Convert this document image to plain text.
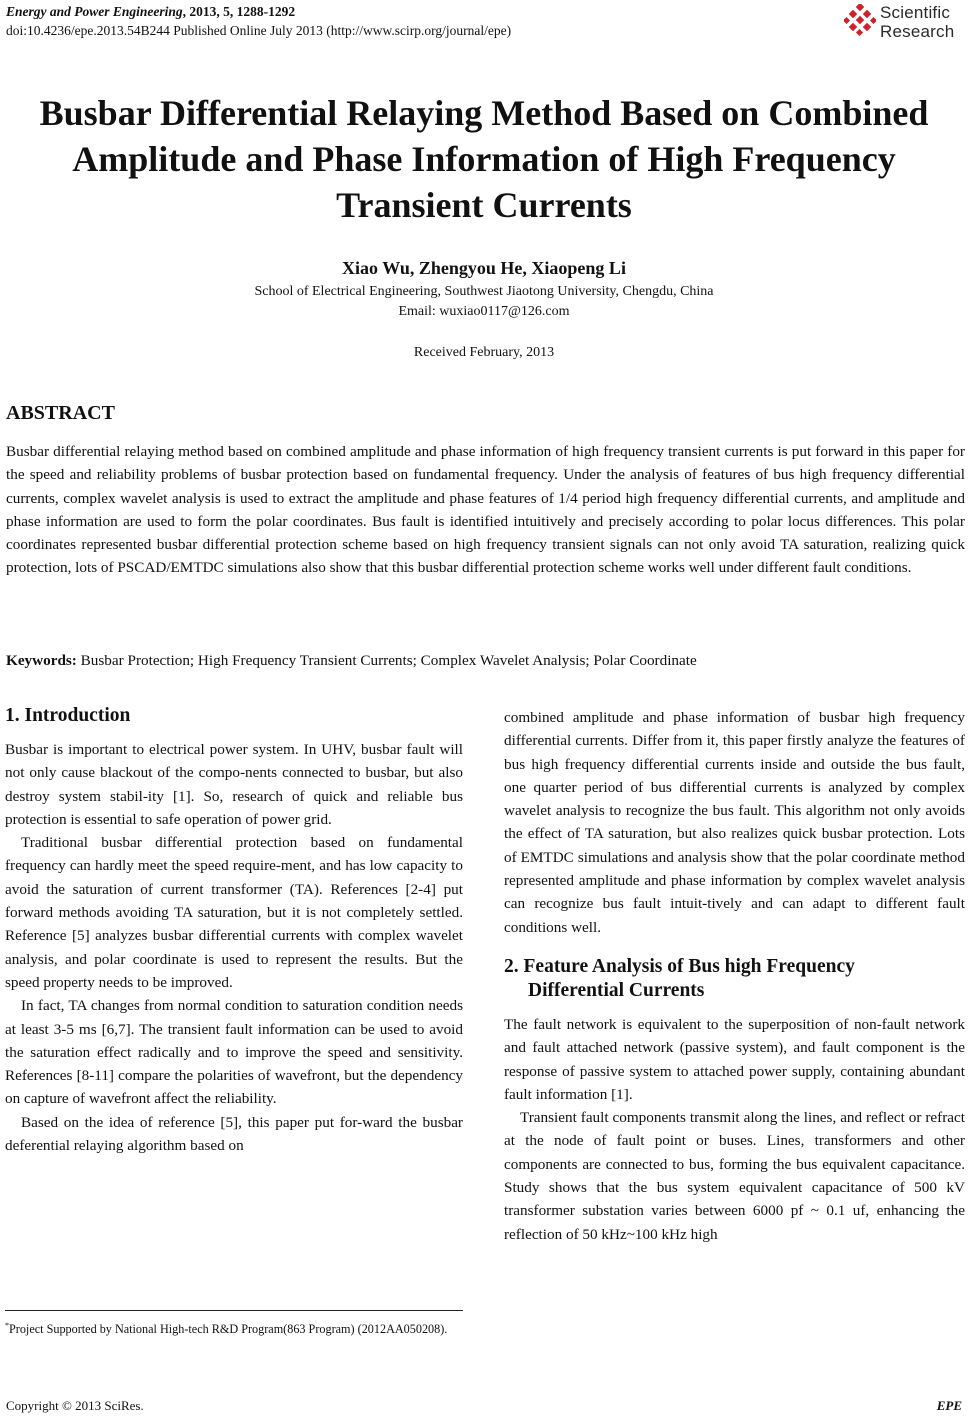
Energy and Power Engineering, 2013, 5, 1288-1292
doi:10.4236/epe.2013.54B244 Published Online July 2013 (http://www.scirp.org/journal/epe)
Scientific
Research
Busbar Differential Relaying Method Based on Combined
Amplitude and Phase Information of High Frequency
Transient Currents
Xiao Wu, Zhengyou He, Xiaopeng Li
School of Electrical Engineering, Southwest Jiaotong University, Chengdu, China
Email: wuxiao0117@126.com
Received February, 2013
ABSTRACT

Busbar differential relaying method based on combined amplitude and phase information of high frequency transient currents is put forward in this paper for the speed and reliability problems of busbar protection based on fundamental frequency. Under the analysis of features of bus high frequency differential currents, complex wavelet analysis is used to extract the amplitude and phase features of 1/4 period high frequency differential currents, and amplitude and phase information are used to form the polar coordinates. Bus fault is identified intuitively and precisely according to polar locus differences. This polar coordinates represented busbar differential protection scheme based on high frequency transient signals can not only avoid TA saturation, realizing quick protection, lots of PSCAD/EMTDC simulations also show that this busbar differential protection scheme works well under different fault conditions.

Keywords: Busbar Protection; High Frequency Transient Currents; Complex Wavelet Analysis; Polar Coordinate

1. Introduction

Busbar is important to electrical power system. In UHV, busbar fault will not only cause blackout of the compo-nents connected to busbar, but also destroy system stabil-ity [1]. So, research of quick and reliable bus protection is essential to safe operation of power grid.

Traditional busbar differential protection based on fundamental frequency can hardly meet the speed require-ment, and has low capacity to avoid the saturation of current transformer (TA). References [2-4] put forward methods avoiding TA saturation, but it is not completely settled. Reference [5] analyzes busbar differential currents with complex wavelet analysis, and polar coordinate is used to represent the results. But the speed property needs to be improved.

In fact, TA changes from normal condition to saturation condition needs at least 3-5 ms [6,7]. The transient fault information can be used to avoid the saturation effect radically and to improve the speed and sensitivity. References [8-11] compare the polarities of wavefront, but the dependency on capture of wavefront affect the reliability.

Based on the idea of reference [5], this paper put for-ward the busbar deferential relaying algorithm based on

combined amplitude and phase information of busbar high frequency differential currents. Differ from it, this paper firstly analyze the features of bus high frequency differential currents inside and outside the bus fault, one quarter period of bus differential currents is analyzed by complex wavelet analysis to recognize the bus fault. This algorithm not only avoids the effect of TA saturation, but also realizes quick busbar protection. Lots of EMTDC simulations and analysis show that the polar coordinate method represented amplitude and phase information by complex wavelet analysis can recognize bus fault intuit-tively and can adapt to different fault conditions well.

2. Feature Analysis of Bus high Frequency
Differential Currents

The fault network is equivalent to the superposition of non-fault network and fault attached network (passive system), and fault component is the response of passive system to attached power supply, containing abundant fault information [1].

Transient fault components transmit along the lines, and reflect or refract at the node of fault point or buses. Lines, transformers and other components are connected to bus, forming the bus equivalent capacitance. Study shows that the bus system equivalent capacitance of 500 kV transformer substation varies between 6000 pf ~ 0.1 uf, enhancing the reflection of 50 kHz~100 kHz high

*Project Supported by National High-tech R&D Program(863 Program) (2012AA050208).

Copyright © 2013 SciRes.	EPE
